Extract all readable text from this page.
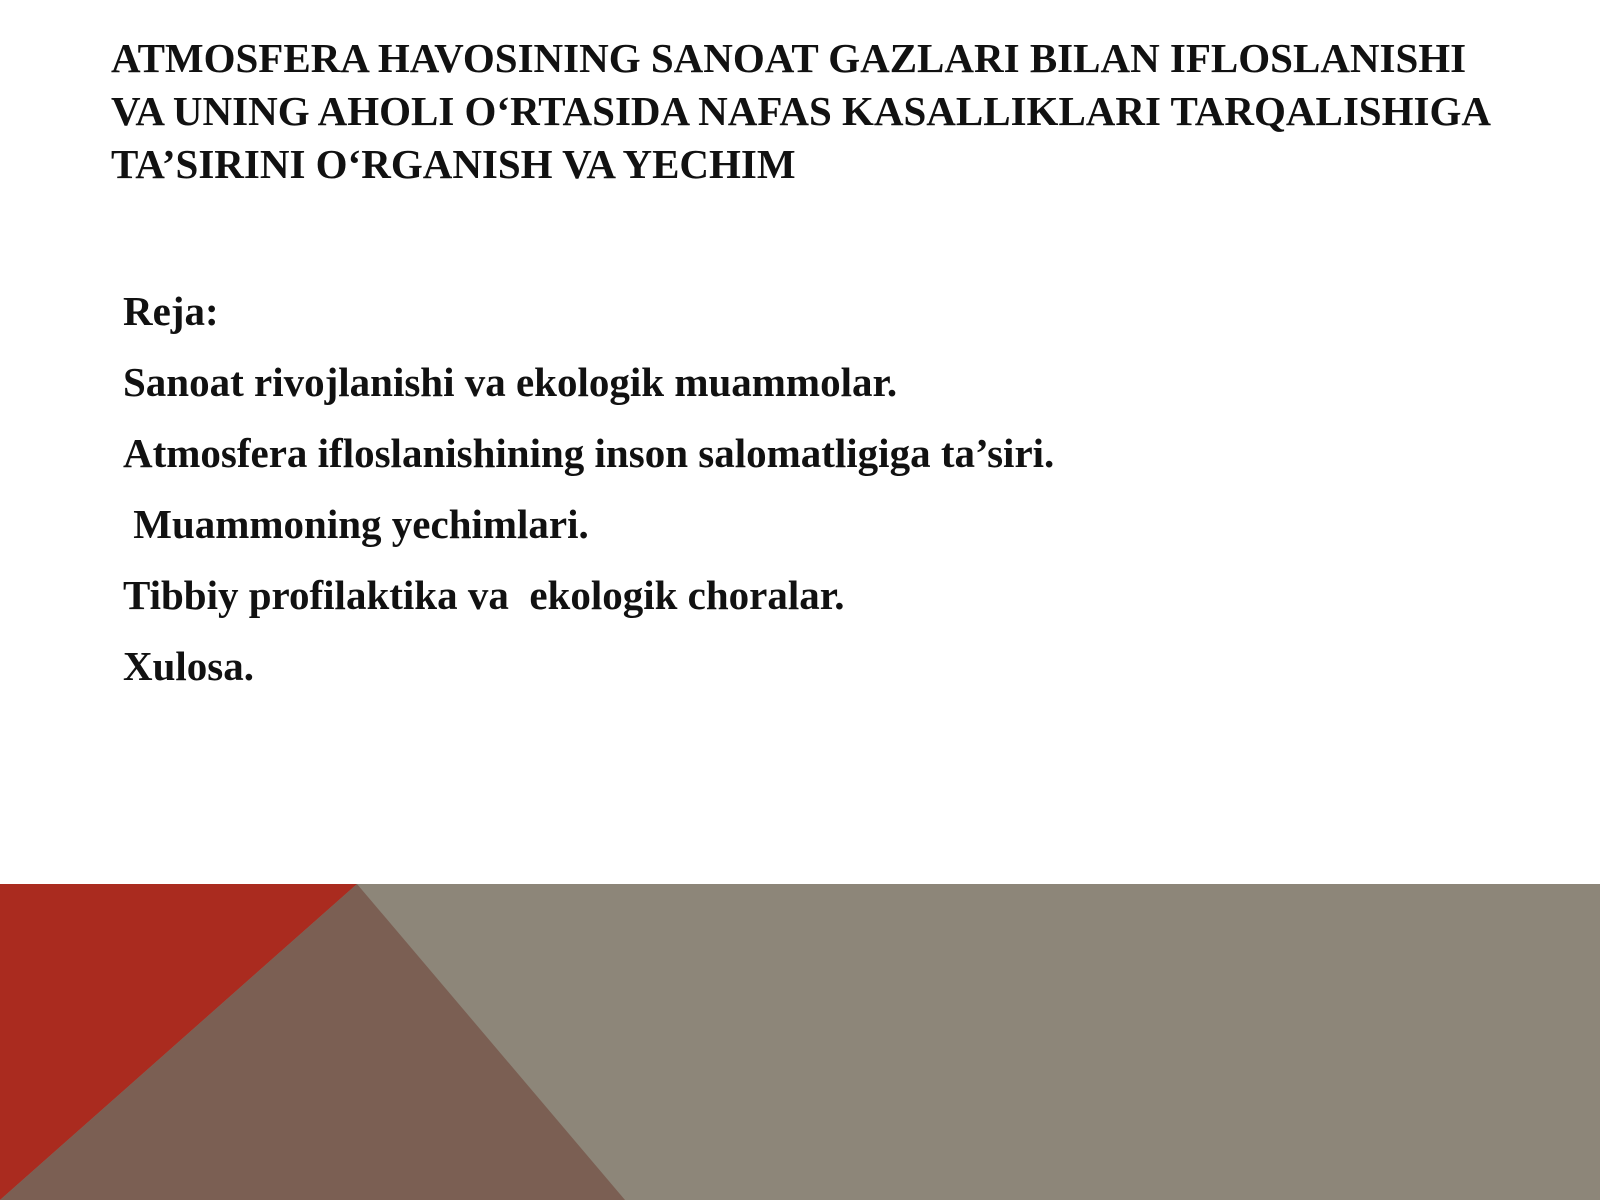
ATMOSFERA HAVOSINING SANOAT GAZLARI BILAN IFLOSLANISHI VA UNING AHOLI O‘RTASIDA NAFAS KASALLIKLARI TARQALISHIGA TA’SIRINI O‘RGANISH VA YECHIM
Reja:
Sanoat rivojlanishi va ekologik muammolar.
Atmosfera ifloslanishining inson salomatligiga ta’siri.
Muammoning yechimlari.
Tibbiy profilaktika va  ekologik choralar.
Xulosa.
